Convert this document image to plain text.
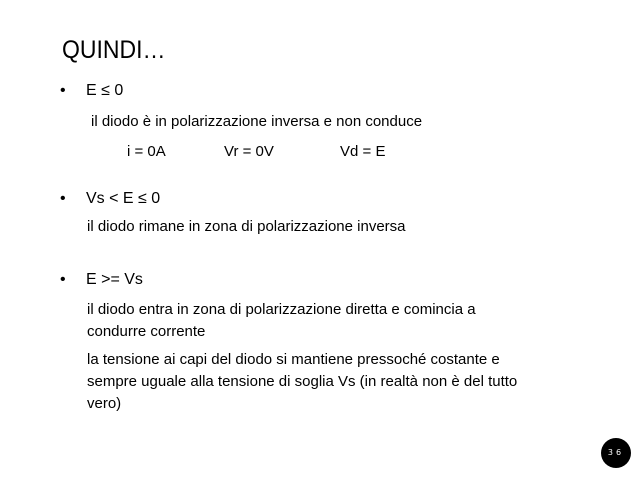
QUINDI…
• E ≤ 0
il diodo è in polarizzazione inversa e non conduce
i = 0A	Vr = 0V	Vd = E
• Vs < E ≤ 0
il diodo rimane in zona di polarizzazione inversa
• E >= Vs
il diodo entra in zona di polarizzazione diretta e comincia a
condurre corrente
la tensione ai capi del diodo si mantiene pressoché costante e
sempre uguale alla tensione di soglia Vs (in realtà non è del tutto
vero)
36
